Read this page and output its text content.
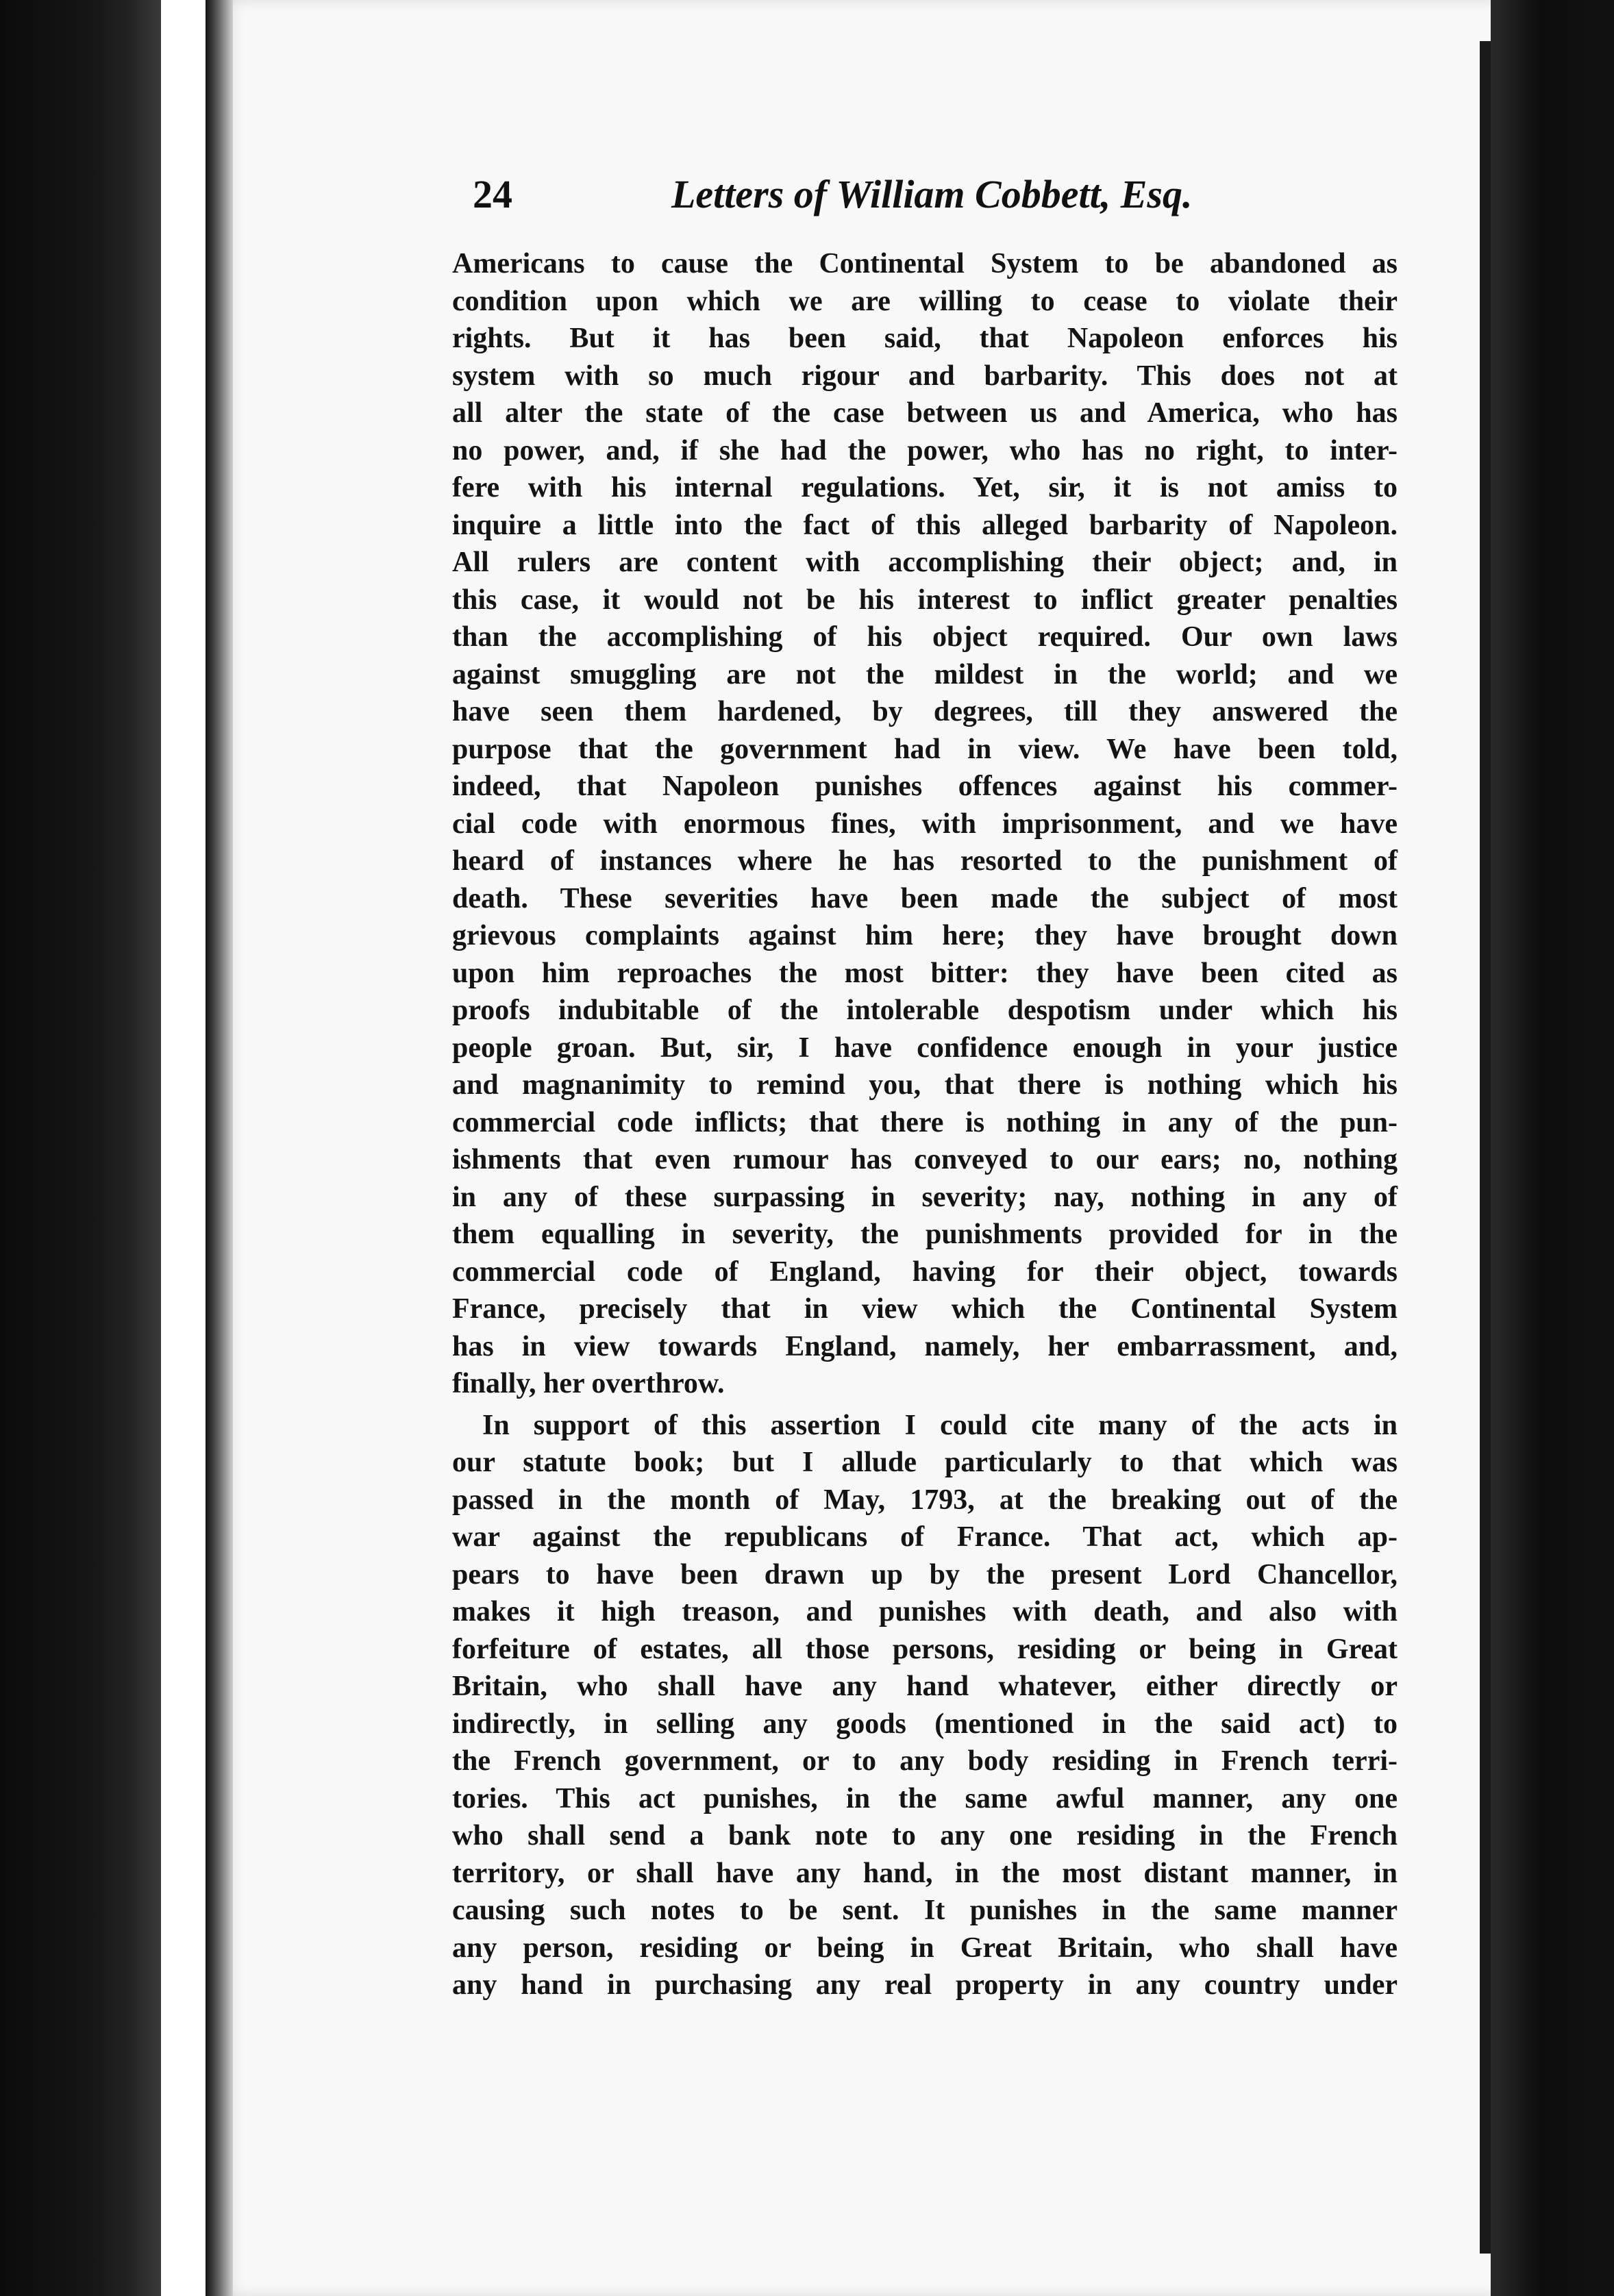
24	Letters of William Cobbett, Esq.
Americans to cause the Continental System to be abandoned as
condition upon which we are willing to cease to violate their
rights. But it has been said, that Napoleon enforces his
system with so much rigour and barbarity. This does not at
all alter the state of the case between us and America, who has
no power, and, if she had the power, who has no right, to inter-
fere with his internal regulations. Yet, sir, it is not amiss to
inquire a little into the fact of this alleged barbarity of Napoleon.
All rulers are content with accomplishing their object; and, in
this case, it would not be his interest to inflict greater penalties
than the accomplishing of his object required. Our own laws
against smuggling are not the mildest in the world; and we
have seen them hardened, by degrees, till they answered the
purpose that the government had in view. We have been told,
indeed, that Napoleon punishes offences against his commer-
cial code with enormous fines, with imprisonment, and we have
heard of instances where he has resorted to the punishment of
death. These severities have been made the subject of most
grievous complaints against him here; they have brought down
upon him reproaches the most bitter: they have been cited as
proofs indubitable of the intolerable despotism under which his
people groan. But, sir, I have confidence enough in your justice
and magnanimity to remind you, that there is nothing which his
commercial code inflicts; that there is nothing in any of the pun-
ishments that even rumour has conveyed to our ears; no, nothing
in any of these surpassing in severity; nay, nothing in any of
them equalling in severity, the punishments provided for in the
commercial code of England, having for their object, towards
France, precisely that in view which the Continental System
has in view towards England, namely, her embarrassment, and,
finally, her overthrow.
In support of this assertion I could cite many of the acts in
our statute book; but I allude particularly to that which was
passed in the month of May, 1793, at the breaking out of the
war against the republicans of France. That act, which ap-
pears to have been drawn up by the present Lord Chancellor,
makes it high treason, and punishes with death, and also with
forfeiture of estates, all those persons, residing or being in Great
Britain, who shall have any hand whatever, either directly or
indirectly, in selling any goods (mentioned in the said act) to
the French government, or to any body residing in French terri-
tories. This act punishes, in the same awful manner, any one
who shall send a bank note to any one residing in the French
territory, or shall have any hand, in the most distant manner, in
causing such notes to be sent. It punishes in the same manner
any person, residing or being in Great Britain, who shall have
any hand in purchasing any real property in any country under
